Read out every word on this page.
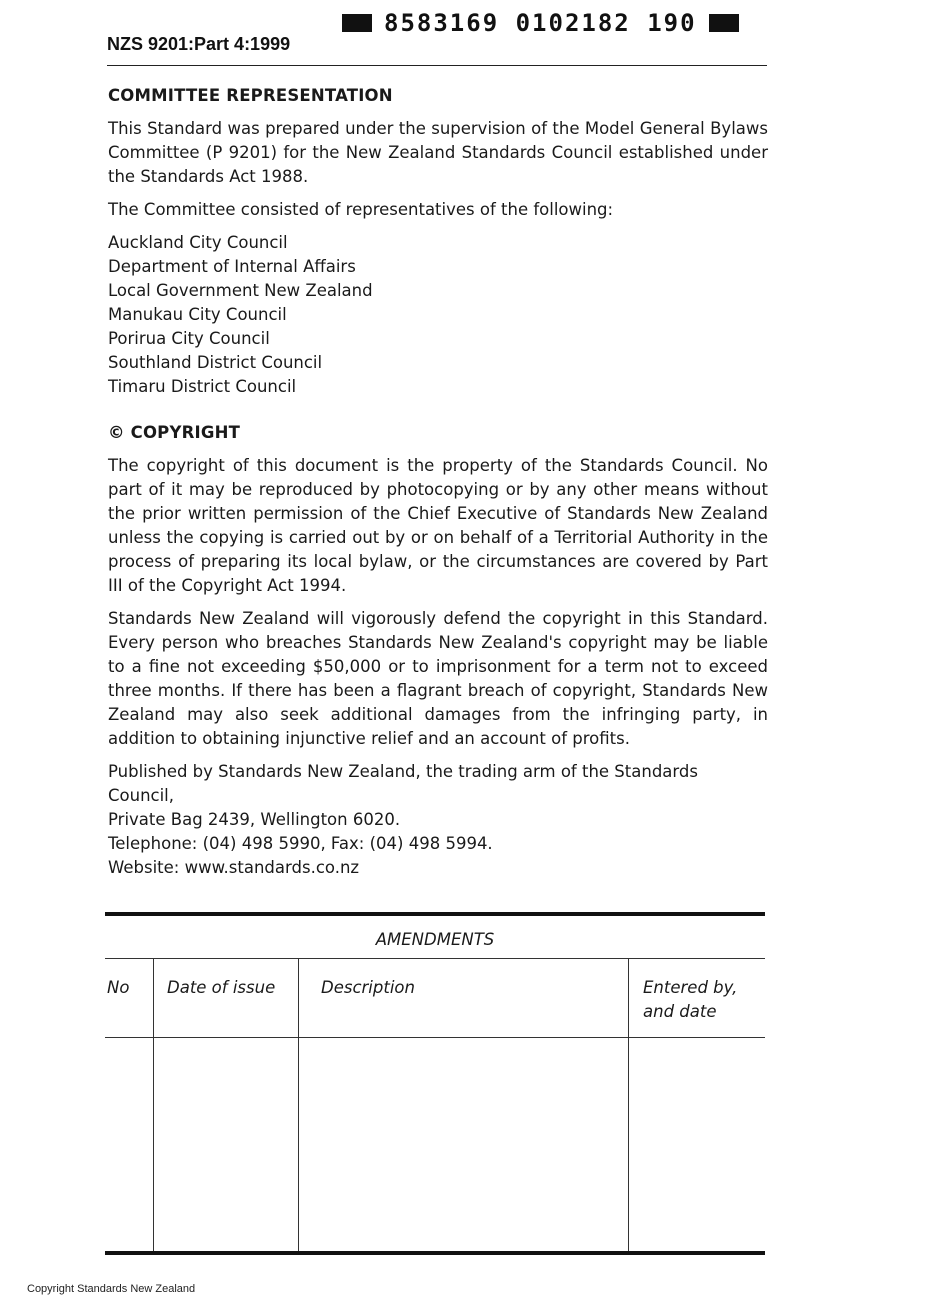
NZS 9201:Part 4:1999
8583169 0102182 190
COMMITTEE REPRESENTATION

This Standard was prepared under the supervision of the Model General Bylaws Committee (P 9201) for the New Zealand Standards Council established under the Standards Act 1988.

The Committee consisted of representatives of the following:

Auckland City Council
Department of Internal Affairs
Local Government New Zealand
Manukau City Council
Porirua City Council
Southland District Council
Timaru District Council
© COPYRIGHT

The copyright of this document is the property of the Standards Council. No part of it may be reproduced by photocopying or by any other means without the prior written permission of the Chief Executive of Standards New Zealand unless the copying is carried out by or on behalf of a Territorial Authority in the process of preparing its local bylaw, or the circumstances are covered by Part III of the Copyright Act 1994.

Standards New Zealand will vigorously defend the copyright in this Standard. Every person who breaches Standards New Zealand's copyright may be liable to a fine not exceeding $50,000 or to imprisonment for a term not to exceed three months. If there has been a flagrant breach of copyright, Standards New Zealand may also seek additional damages from the infringing party, in addition to obtaining injunctive relief and an account of profits.

Published by Standards New Zealand, the trading arm of the Standards Council,
Private Bag 2439, Wellington 6020.
Telephone: (04) 498 5990, Fax: (04) 498 5994.
Website: www.standards.co.nz
AMENDMENTS
No Date of issue	Description	Entered by,
and date
Copyright Standards New Zealand
